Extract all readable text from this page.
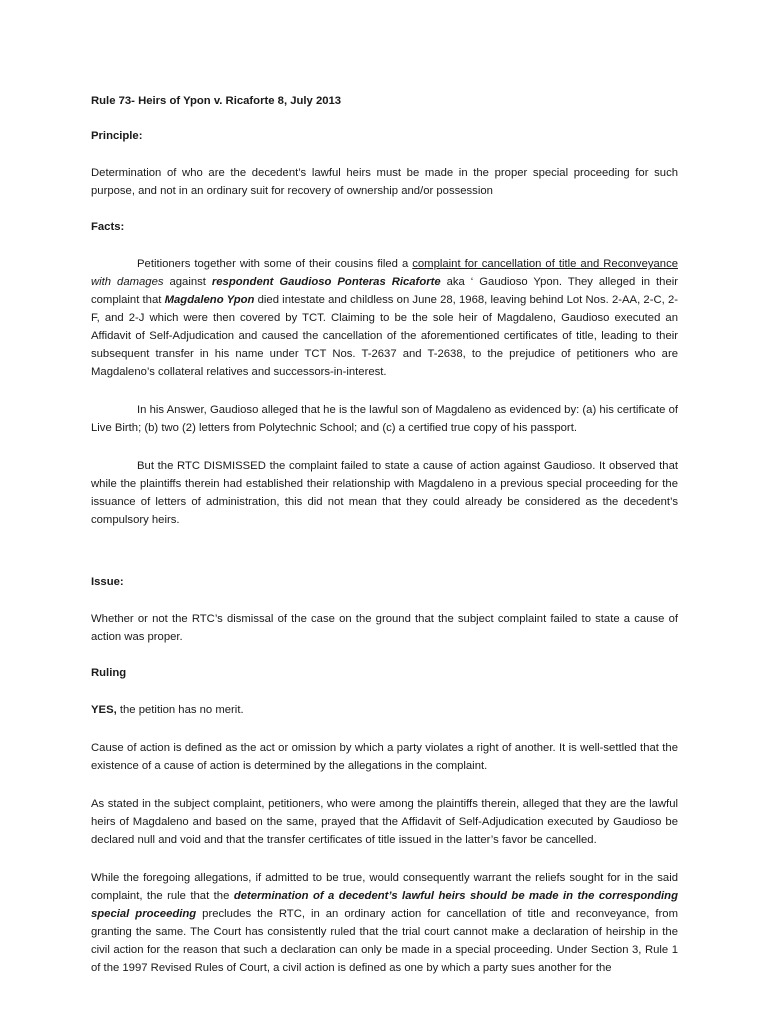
Rule 73- Heirs of Ypon v. Ricaforte 8, July 2013
Principle:

Determination of who are the decedent’s lawful heirs must be made in the proper special proceeding for such purpose, and not in an ordinary suit for recovery of ownership and/or possession

Facts:

Petitioners together with some of their cousins filed a complaint for cancellation of title and Reconveyance with damages against respondent Gaudioso Ponteras Ricaforte aka ‘ Gaudioso Ypon. They alleged in their complaint that Magdaleno Ypon died intestate and childless on June 28, 1968, leaving behind Lot Nos. 2-AA, 2-C, 2-F, and 2-J which were then covered by TCT. Claiming to be the sole heir of Magdaleno, Gaudioso executed an Affidavit of Self-Adjudication and caused the cancellation of the aforementioned certificates of title, leading to their subsequent transfer in his name under TCT Nos. T-2637 and T-2638, to the prejudice of petitioners who are Magdaleno’s collateral relatives and successors-in-interest.

In his Answer, Gaudioso alleged that he is the lawful son of Magdaleno as evidenced by: (a) his certificate of Live Birth; (b) two (2) letters from Polytechnic School; and (c) a certified true copy of his passport.

But the RTC DISMISSED the complaint failed to state a cause of action against Gaudioso. It observed that while the plaintiffs therein had established their relationship with Magdaleno in a previous special proceeding for the issuance of letters of administration, this did not mean that they could already be considered as the decedent’s compulsory heirs.

Issue:

Whether or not the RTC’s dismissal of the case on the ground that the subject complaint failed to state a cause of action was proper.

Ruling

YES, the petition has no merit.

Cause of action is defined as the act or omission by which a party violates a right of another. It is well-settled that the existence of a cause of action is determined by the allegations in the complaint.

As stated in the subject complaint, petitioners, who were among the plaintiffs therein, alleged that they are the lawful heirs of Magdaleno and based on the same, prayed that the Affidavit of Self-Adjudication executed by Gaudioso be declared null and void and that the transfer certificates of title issued in the latter’s favor be cancelled.

While the foregoing allegations, if admitted to be true, would consequently warrant the reliefs sought for in the said complaint, the rule that the determination of a decedent’s lawful heirs should be made in the corresponding special proceeding precludes the RTC, in an ordinary action for cancellation of title and reconveyance, from granting the same. The Court has consistently ruled that the trial court cannot make a declaration of heirship in the civil action for the reason that such a declaration can only be made in a special proceeding. Under Section 3, Rule 1 of the 1997 Revised Rules of Court, a civil action is defined as one by which a party sues another for the
